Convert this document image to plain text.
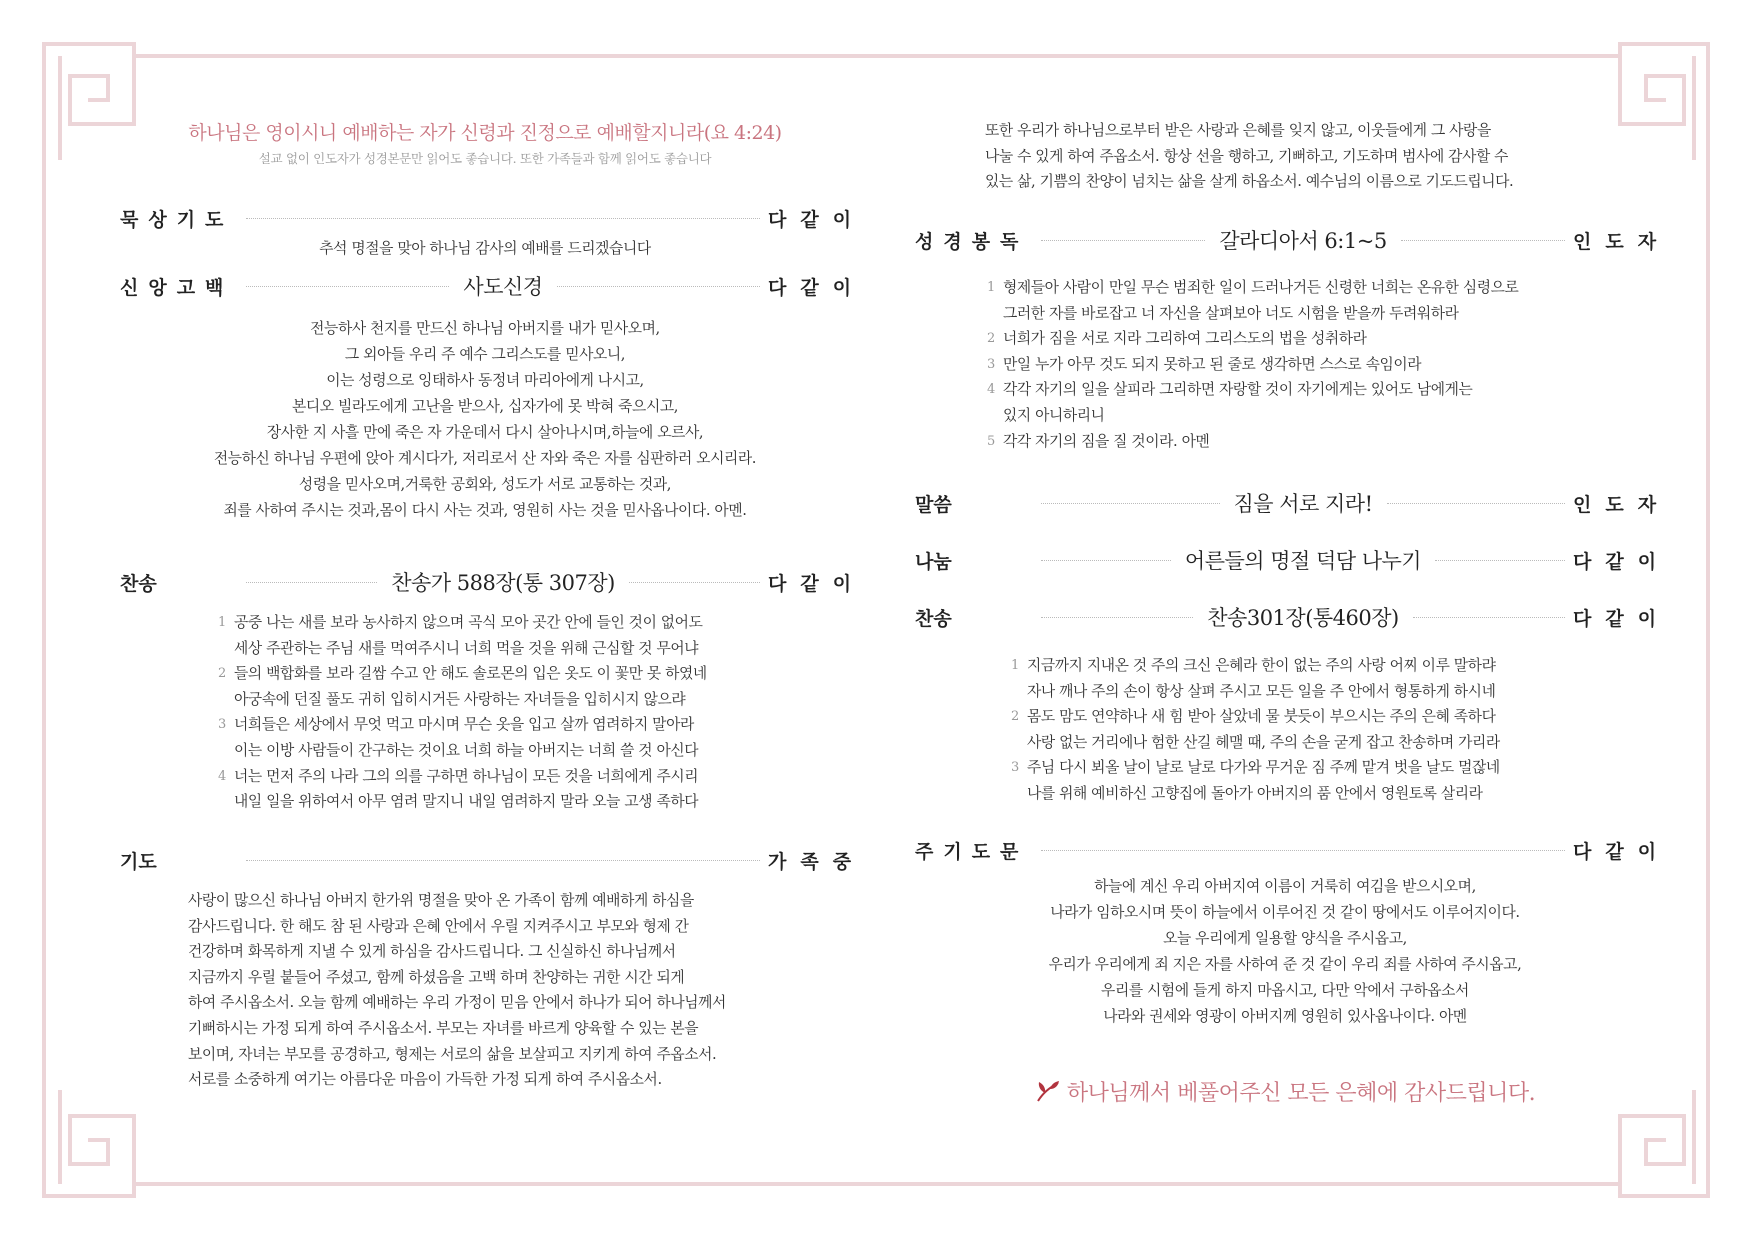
하나님은 영이시니 예배하는 자가 신령과 진정으로 예배할지니라(요 4:24)
설교 없이 인도자가 성경본문만 읽어도 좋습니다. 또한 가족들과 함께 읽어도 좋습니다
묵상기도	다같이
추석 명절을 맞아 하나님 감사의 예배를 드리겠습니다
신앙고백	사도신경	다같이
전능하사 천지를 만드신 하나님 아버지를 내가 믿사오며,
그 외아들 우리 주 예수 그리스도를 믿사오니,
이는 성령으로 잉태하사 동정녀 마리아에게 나시고,
본디오 빌라도에게 고난을 받으사, 십자가에 못 박혀 죽으시고,
장사한 지 사흘 만에 죽은 자 가운데서 다시 살아나시며,하늘에 오르사,
전능하신 하나님 우편에 앉아 계시다가, 저리로서 산 자와 죽은 자를 심판하러 오시리라.
성령을 믿사오며,거룩한 공회와, 성도가 서로 교통하는 것과,
죄를 사하여 주시는 것과,몸이 다시 사는 것과, 영원히 사는 것을 믿사옵나이다. 아멘.
찬송	찬송가 588장(통 307장)	다같이
1 공중 나는 새를 보라 농사하지 않으며 곡식 모아 곳간 안에 들인 것이 없어도
세상 주관하는 주님 새를 먹여주시니 너희 먹을 것을 위해 근심할 것 무어냐
2 들의 백합화를 보라 길쌈 수고 안 해도 솔로몬의 입은 옷도 이 꽃만 못 하였네
아궁속에 던질 풀도 귀히 입히시거든 사랑하는 자녀들을 입히시지 않으랴
3 너희들은 세상에서 무엇 먹고 마시며 무슨 옷을 입고 살까 염려하지 말아라
이는 이방 사람들이 간구하는 것이요 너희 하늘 아버지는 너희 쓸 것 아신다
4 너는 먼저 주의 나라 그의 의를 구하면 하나님이 모든 것을 너희에게 주시리
내일 일을 위하여서 아무 염려 말지니 내일 염려하지 말라 오늘 고생 족하다
기도	가족중
사랑이 많으신 하나님 아버지 한가위 명절을 맞아 온 가족이 함께 예배하게 하심을
감사드립니다. 한 해도 참 된 사랑과 은혜 안에서 우릴 지켜주시고 부모와 형제 간
건강하며 화목하게 지낼 수 있게 하심을 감사드립니다. 그 신실하신 하나님께서
지금까지 우릴 붙들어 주셨고, 함께 하셨음을 고백 하며 찬양하는 귀한 시간 되게
하여 주시옵소서. 오늘 함께 예배하는 우리 가정이 믿음 안에서 하나가 되어 하나님께서
기뻐하시는 가정 되게 하여 주시옵소서. 부모는 자녀를 바르게 양육할 수 있는 본을
보이며, 자녀는 부모를 공경하고, 형제는 서로의 삶을 보살피고 지키게 하여 주옵소서.
서로를 소중하게 여기는 아름다운 마음이 가득한 가정 되게 하여 주시옵소서.
또한 우리가 하나님으로부터 받은 사랑과 은혜를 잊지 않고, 이웃들에게 그 사랑을
나눌 수 있게 하여 주옵소서. 항상 선을 행하고, 기뻐하고, 기도하며 범사에 감사할 수
있는 삶, 기쁨의 찬양이 넘치는 삶을 살게 하옵소서. 예수님의 이름으로 기도드립니다.
성경봉독	갈라디아서 6:1~5	인도자
1 형제들아 사람이 만일 무슨 범죄한 일이 드러나거든 신령한 너희는 온유한 심령으로
그러한 자를 바로잡고 너 자신을 살펴보아 너도 시험을 받을까 두려워하라
2 너희가 짐을 서로 지라 그리하여 그리스도의 법을 성취하라
3 만일 누가 아무 것도 되지 못하고 된 줄로 생각하면 스스로 속임이라
4 각각 자기의 일을 살피라 그리하면 자랑할 것이 자기에게는 있어도 남에게는
있지 아니하리니
5 각각 자기의 짐을 질 것이라. 아멘
말씀	짐을 서로 지라!	인도자
나눔	어른들의 명절 덕담 나누기	다같이
찬송	찬송301장(통460장)	다같이
1 지금까지 지내온 것 주의 크신 은혜라 한이 없는 주의 사랑 어찌 이루 말하랴
자나 깨나 주의 손이 항상 살펴 주시고 모든 일을 주 안에서 형통하게 하시네
2 몸도 맘도 연약하나 새 힘 받아 살았네 물 붓듯이 부으시는 주의 은혜 족하다
사랑 없는 거리에나 험한 산길 헤맬 때, 주의 손을 굳게 잡고 찬송하며 가리라
3 주님 다시 뵈올 날이 날로 날로 다가와 무거운 짐 주께 맡겨 벗을 날도 멀잖네
나를 위해 예비하신 고향집에 돌아가 아버지의 품 안에서 영원토록 살리라
주기도문	다같이
하늘에 계신 우리 아버지여 이름이 거룩히 여김을 받으시오며,
나라가 임하오시며 뜻이 하늘에서 이루어진 것 같이 땅에서도 이루어지이다.
오늘 우리에게 일용할 양식을 주시옵고,
우리가 우리에게 죄 지은 자를 사하여 준 것 같이 우리 죄를 사하여 주시옵고,
우리를 시험에 들게 하지 마옵시고, 다만 악에서 구하옵소서
나라와 권세와 영광이 아버지께 영원히 있사옵나이다. 아멘
하나님께서 베풀어주신 모든 은혜에 감사드립니다.
